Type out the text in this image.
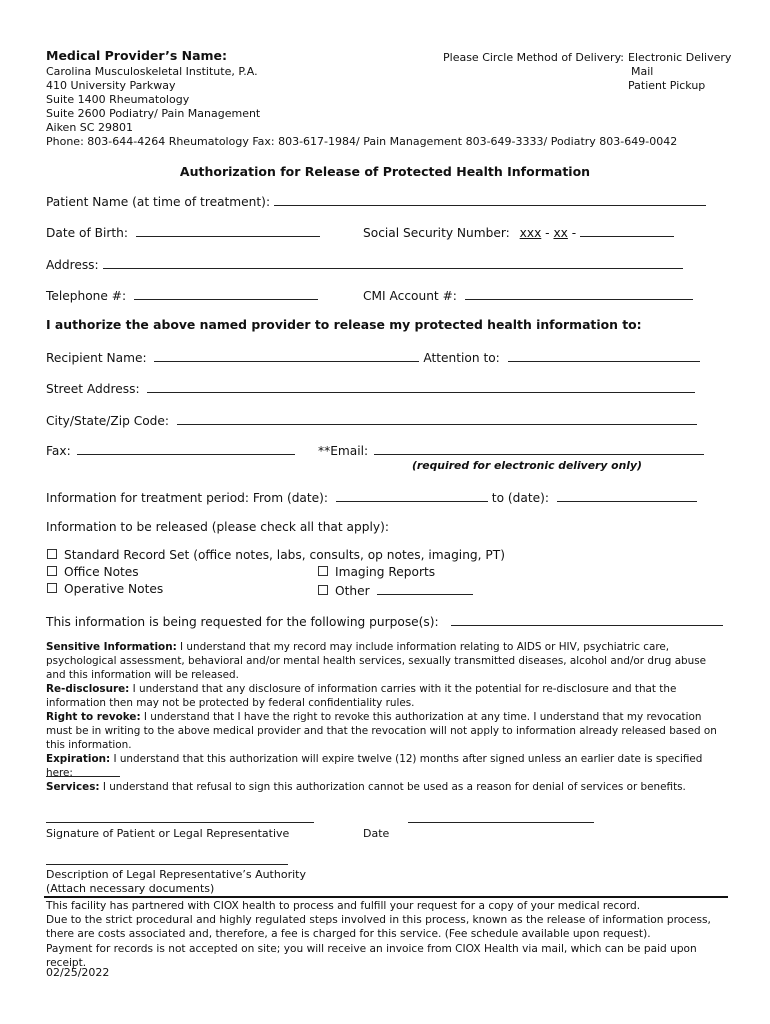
Medical Provider’s Name:
Carolina Musculoskeletal Institute, P.A.
410 University Parkway
Suite 1400 Rheumatology
Suite 2600 Podiatry/ Pain Management
Aiken SC 29801
Phone: 803-644-4264 Rheumatology Fax: 803-617-1984/ Pain Management 803-649-3333/ Podiatry 803-649-0042
Please Circle Method of Delivery: Electronic Delivery
Mail
Patient Pickup
Authorization for Release of Protected Health Information
Patient Name (at time of treatment):
Date of Birth:	Social Security Number: xxx - xx -
Address:
Telephone #:	CMI Account #:
I authorize the above named provider to release my protected health information to:
Recipient Name:	Attention to:
Street Address:
City/State/Zip Code:
Fax:	**Email:
(required for electronic delivery only)
Information for treatment period: From (date):	to (date):
Information to be released (please check all that apply):
Standard Record Set (office notes, labs, consults, op notes, imaging, PT)
Office Notes
Operative Notes
Imaging Reports
Other
This information is being requested for the following purpose(s):
Sensitive Information: I understand that my record may include information relating to AIDS or HIV, psychiatric care, psychological assessment, behavioral and/or mental health services, sexually transmitted diseases, alcohol and/or drug abuse and this information will be released.
Re-disclosure: I understand that any disclosure of information carries with it the potential for re-disclosure and that the information then may not be protected by federal confidentiality rules.
Right to revoke: I understand that I have the right to revoke this authorization at any time. I understand that my revocation must be in writing to the above medical provider and that the revocation will not apply to information already released based on this information.
Expiration: I understand that this authorization will expire twelve (12) months after signed unless an earlier date is specified here:
Services: I understand that refusal to sign this authorization cannot be used as a reason for denial of services or benefits.
Signature of Patient or Legal Representative	Date
Description of Legal Representative’s Authority
(Attach necessary documents)
This facility has partnered with CIOX health to process and fulfill your request for a copy of your medical record.
Due to the strict procedural and highly regulated steps involved in this process, known as the release of information process, there are costs associated and, therefore, a fee is charged for this service. (Fee schedule available upon request).
Payment for records is not accepted on site; you will receive an invoice from CIOX Health via mail, which can be paid upon receipt.
02/25/2022
